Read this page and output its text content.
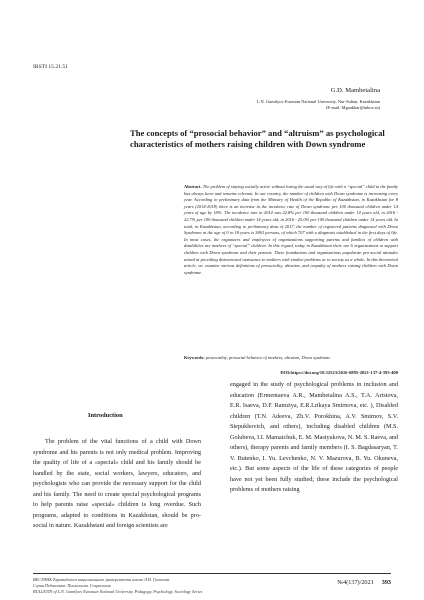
IRSTI 15.21.51
G.D. Mambetalina
L.N. Gumilyov Eurasian National University, Nur-Sultan, Kazakhstan
(E-mail: Mgaukhar@inbox.ru)
The concepts of “prosocial behavior” and “altruism” as psychological characteristics of mothers raising children with Down syndrome
Abstract. The problem of staying socially active without losing the usual way of life with a “special” child in the family has always been and remains relevant. In our country, the number of children with Down syndrome is increasing every year. According to preliminary data from the Ministry of Health of the Republic of Kazakhstan, in Kazakhstan for 8 years (2014-2018) there is an increase in the incidence rate of Down syndrome per 100 thousand children under 14 years of age by 18%. The incidence rate in 2014 was 22.8% per 100 thousand children under 14 years old, in 2016 - 22.7% per 100 thousand children under 14 years old, in 2016 - 25.0% per 100 thousand children under 14 years old. In total, in Kazakhstan, according to preliminary data of 2017, the number of registered patients diagnosed with Down Syndrome at the age of 0 to 18 years is 3863 persons, of which 707 with a diagnosis established in the first days of life. In most cases, the organizers and employees of organizations supporting parents and families of children with disabilities are mothers of “special” children. In this regard, today in Kazakhstan there are 6 organizations to support children with Down syndrome and their parents. These foundations and organizations popularize pro-social attitudes aimed at providing disinterested assistance to mothers with similar problems or to society as a whole. In this theoretical article, we examine various definitions of prosociality, altruism, and empathy of mothers raising children with Down syndrome.
Keywords: prosociality, prosocial behavior of mothers, altruism, Down syndrome
DOI:https://doi.org/10.32523/2616-6895-2021-137-4-393-400
Introduction

The problem of the vital functions of a child with Down syndrome and his parents is not only medical problem. Improving the quality of life of a «special» child and his family should be handled by the state, social workers, lawyers, educators, and psychologists who can provide the necessary support for the child and his family. The need to create special psychological programs to help parents raise «special» children is long overdue. Such programs, adapted to conditions in Kazakhstan, should be pro-social in nature. Kazakhstani and foreign scientists are

engaged in the study of psychological problems in inclusion and education (Ermentaeva A.R., Mambetalina A.S., T.A. Aristova, E.R. Isaeva, D.F. Ramziya, E.R.Lrikaya Smirnova, etc. ), Disabled children (T.N. Adeeva, Zh.V. Porokhina, A.V. Smirnov, S.V. Stepukhovich, and others), including disabled children (M.S. Golubeva, I.I. Mamaichuk, E. M. Mastyukova, N. M. S. Raeva, and others), therapy parents and family members (I. S. Bagdasaryan, T. V. Butenko, I. Yu. Levchenko, N. V. Mazurova, B. Yu. Okuneva, etc.). But some aspects of the life of these categories of people have not yet been fully studied; these include the psychological problems of mothers raising

ВЕСТНИК Евразийского национального университета имени Л.Н. Гумилева.
Серия Педагогика. Психология. Социология
BULLETIN of L.N. Gumilyov Eurasian National University. Pedagogy. Psychology. Sociology Series
№4(137)/2021 393
